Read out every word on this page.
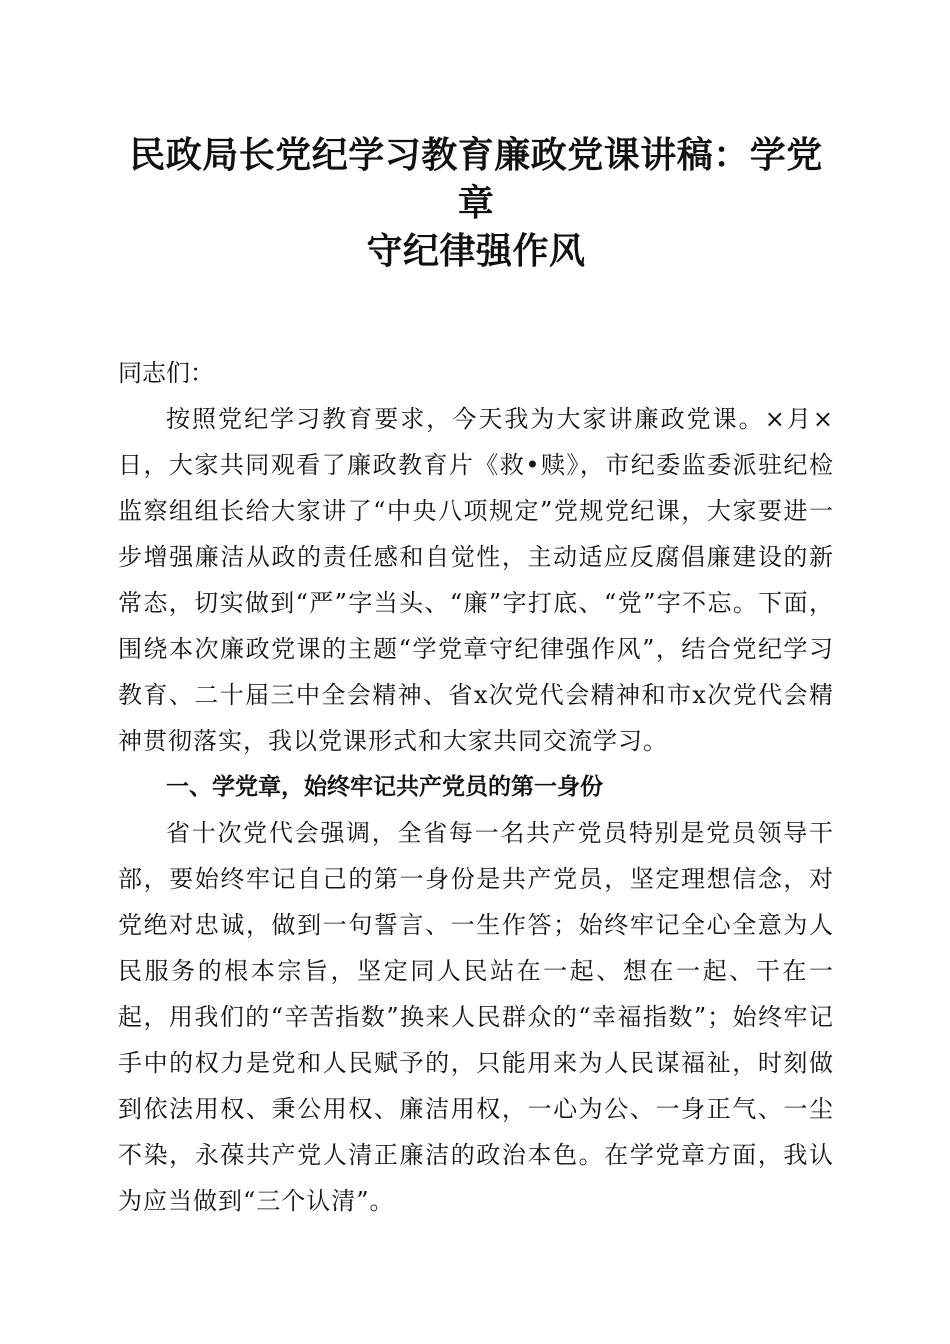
民政局长党纪学习教育廉政党课讲稿：学党章
守纪律强作风

同志们：

按照党纪学习教育要求，今天我为大家讲廉政党课。×月×日，大家共同观看了廉政教育片《救•赎》，市纪委监委派驻纪检监察组组长给大家讲了“中央八项规定”党规党纪课，大家要进一步增强廉洁从政的责任感和自觉性，主动适应反腐倡廉建设的新常态，切实做到“严”字当头、“廉”字打底、“党”字不忘。下面，围绕本次廉政党课的主题“学党章守纪律强作风”，结合党纪学习教育、二十届三中全会精神、省x次党代会精神和市x次党代会精神贯彻落实，我以党课形式和大家共同交流学习。

一、学党章，始终牢记共产党员的第一身份

省十次党代会强调，全省每一名共产党员特别是党员领导干部，要始终牢记自己的第一身份是共产党员，坚定理想信念，对党绝对忠诚，做到一句誓言、一生作答；始终牢记全心全意为人民服务的根本宗旨，坚定同人民站在一起、想在一起、干在一起，用我们的“辛苦指数”换来人民群众的“幸福指数”；始终牢记手中的权力是党和人民赋予的，只能用来为人民谋福祉，时刻做到依法用权、秉公用权、廉洁用权，一心为公、一身正气、一尘不染，永葆共产党人清正廉洁的政治本色。在学党章方面，我认为应当做到“三个认清”。
